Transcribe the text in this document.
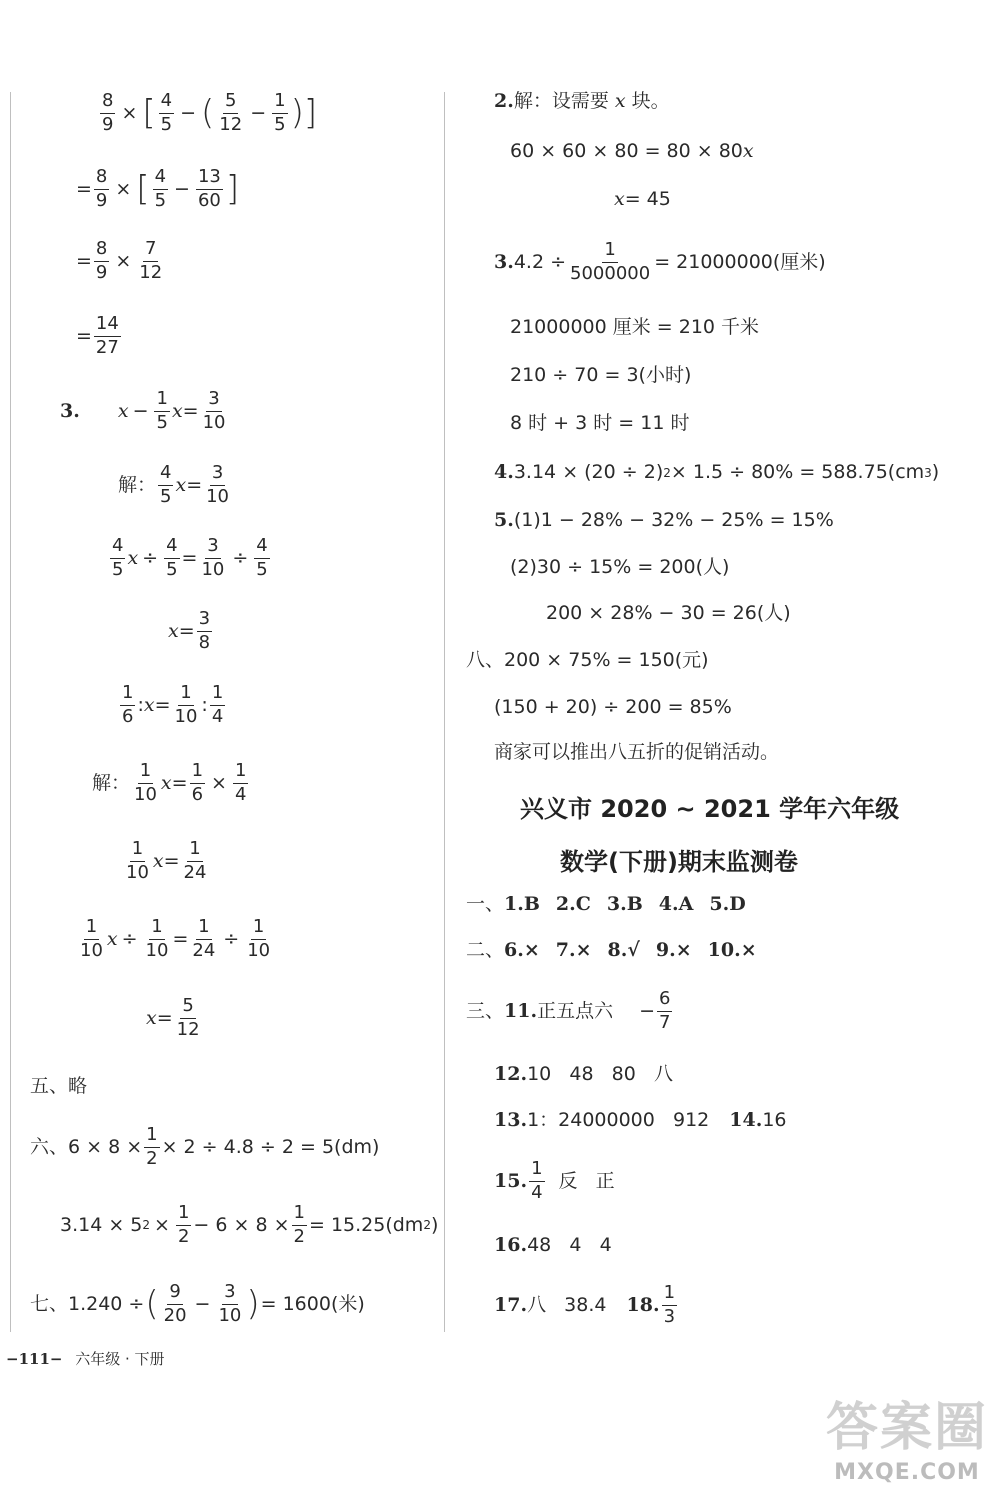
$\frac{8}{9}$ × [ $\frac{4}{5}$ − ( $\frac{5}{12} - \frac{1}{5}$ )]
= $\frac{8}{9}$ × [ $\frac{4}{5} - \frac{13}{60}$ ]
= $\frac{8}{9} \times \frac{7}{12}$
= $\frac{14}{27}$
3. $x - \frac{1}{5}$ $x = \frac{3}{10}$
解： $\frac{4}{5}$ $x = \frac{3}{10}$
$\frac{4}{5}$ $x \div \frac{4}{5} = \frac{3}{10} \div \frac{4}{5}$
$x = \frac{3}{8}$
$\frac{1}{6}$ : $x = \frac{1}{10}$ : $\frac{1}{4}$
解： $\frac{1}{10}$ $x = \frac{1}{6} \times \frac{1}{4}$
$\frac{1}{10}$ $x = \frac{1}{24}$
$\frac{1}{10}$ $x \div \frac{1}{10} = \frac{1}{24} \div \frac{1}{10}$
$x = \frac{5}{12}$
五、略
六、$6 \times 8 \times \frac{1}{2} \times 2 \div 4.8 \div 2 = 5(dm)$
3.14 × 5 $2 \times \frac{1}{2} - 6 \times 8 \times \frac{1}{2} = 15.25(dm$ 2 )
七、1.240 ÷ ( $\frac{9}{20} - \frac{3}{10}$ ) = 1600(米)
2. 解：设需要 x 块。
60 × 60 × 80 = 80 × 80 x
x = 45
3. $4.2 \div \frac{1}{5000000} = 21000000$(厘米)
21000000 厘米 = 210 千米
210 ÷ 70 = 3(小时)
8 时 + 3 时 = 11 时
4. 3.14 × (20 ÷ 2) 2 × 1.5 ÷ 80% = 588.75(cm 3 )
5. (1)1 − 28% − 32% − 25% = 15%
(2)30 ÷ 15% = 200(人)
200 × 28% − 30 = 26(人)
八、200 × 75% = 150(元)
(150 + 20) ÷ 200 = 85%
商家可以推出八五折的促销活动。
兴义市 2020 ~ 2021 学年六年级
数学(下册)期末监测卷
一、 1.B 2.C 3.B 4.A 5.D
二、 6.× 7.× 8.√ 9.× 10.×
三、 11. 正五点六 − $\frac{6}{7}$
12. 10   48   80   八
13. 1：24000000   912 14. 16
15. $\frac{1}{4}$ 反   正
16. 48   4   4
17. 八   38.4 18. $\frac{1}{3}$
−111− 六年级 · 下册
答案圈
MXQE.COM
